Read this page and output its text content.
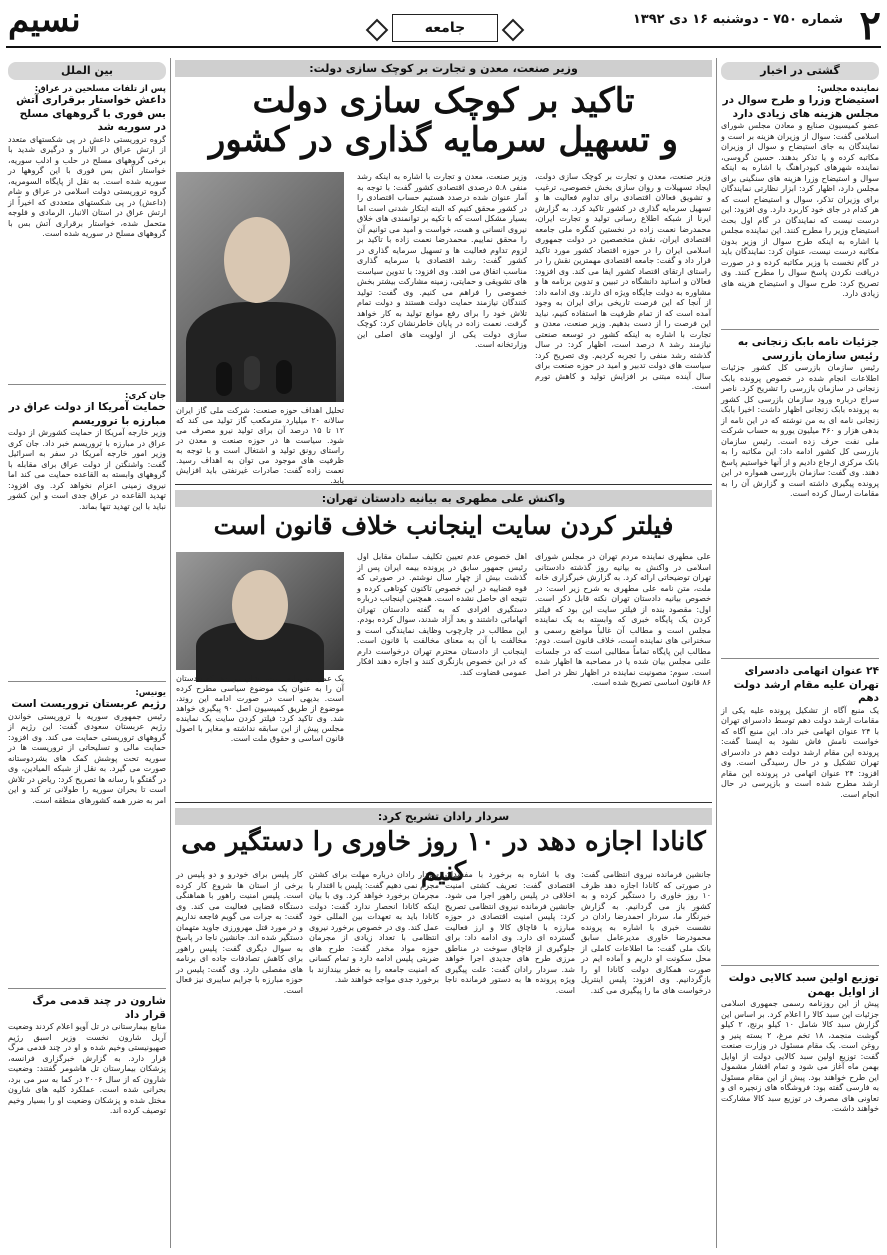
۲
شماره ۷۵۰ - دوشنبه ۱۶ دی ۱۳۹۲
جامعه
نسیم
گشتی در اخبار
نماینده مجلس:
استیضاح وزرا و طرح سوال در مجلس هزینه های زیادی دارد
عضو کمیسیون صنایع و معادن مجلس شورای اسلامی گفت: سوال از وزیران هزینه بر است و نمایندگان به جای استیضاح و سوال از وزیران مکاتبه کرده و یا تذکر بدهند. حسین گروسی، نماینده شهرهای کبودراهنگ با اشاره به اینکه سوال و استیضاح وزرا هزینه های سنگینی برای مجلس دارد، اظهار کرد: ابزار نظارتی نمایندگان برای وزیران تذکر، سوال و استیضاح است که هر کدام در جای خود کاربرد دارد. وی افزود: این درست نیست که نمایندگان در گام اول بحث استیضاح وزیر را مطرح کنند. این نماینده مجلس با اشاره به اینکه طرح سوال از وزیر بدون مکاتبه درست نیست، عنوان کرد: نمایندگان باید در گام نخست با وزیر مکاتبه کرده و در صورت دریافت نکردن پاسخ سوال را مطرح کنند. وی تصریح کرد: طرح سوال و استیضاح هزینه های زیادی دارد.
جزئیات نامه بابک زنجانی به رئیس سازمان بازرسی
رئیس سازمان بازرسی کل کشور جزئیات اطلاعات انجام شده در خصوص پرونده بابک زنجانی در سازمان بازرسی را تشریح کرد. ناصر سراج درباره ورود سازمان بازرسی کل کشور به پرونده بابک زنجانی اظهار داشت: اخیرا بابک زنجانی نامه ای به من نوشته که در این نامه از بدهی هزار و ۴۶۰ میلیون یورو به حساب شرکت ملی نفت حرف زده است. رئیس سازمان بازرسی کل کشور ادامه داد: این مکاتبه را به بانک مرکزی ارجاع دادیم و از آنها خواستیم پاسخ دهند. وی گفت: سازمان بازرسی همواره در این پرونده پیگیری داشته است و گزارش آن را به مقامات ارسال کرده است.
۲۴ عنوان اتهامی دادسرای تهران علیه مقام ارشد دولت دهم
یک منبع آگاه از تشکیل پرونده علیه یکی از مقامات ارشد دولت دهم توسط دادسرای تهران با ۲۴ عنوان اتهامی خبر داد. این منبع آگاه که خواست نامش فاش نشود به ایسنا گفت: پرونده این مقام ارشد دولت دهم در دادسرای تهران تشکیل و در حال رسیدگی است. وی افزود: ۲۴ عنوان اتهامی در پرونده این مقام ارشد مطرح شده است و بازپرسی در حال انجام است.
توزیع اولین سبد کالایی دولت از اوایل بهمن
پیش از این روزنامه رسمی جمهوری اسلامی جزئیات این سبد کالا را اعلام کرد. بر اساس این گزارش سبد کالا شامل ۱۰ کیلو برنج، ۲ کیلو گوشت منجمد، ۱۸ تخم مرغ، ۲ بسته پنیر و روغن است. یک مقام مسئول در وزارت صنعت گفت: توزیع اولین سبد کالایی دولت از اوایل بهمن ماه آغاز می شود و تمام اقشار مشمول این طرح خواهند بود. پیش از این مقام مسئول به فارسی گفته بود: فروشگاه های زنجیره ای و تعاونی های مصرف در توزیع سبد کالا مشارکت خواهند داشت.
بین الملل
پس از تلفات مسلحین در عراق:
داعش خواستار برقراری آتش بس فوری با گروههای مسلح در سوریه شد
گروه تروریستی داعش در پی شکستهای متعدد از ارتش عراق در الانبار و درگیری شدید با برخی گروههای مسلح در حلب و ادلب سوریه، خواستار آتش بس فوری با این گروهها در سوریه شده است. به نقل از پایگاه السومریه، گروه تروریستی دولت اسلامی در عراق و شام (داعش) در پی شکستهای متعددی که اخیراً از ارتش عراق در استان الانبار، الرمادی و فلوجه متحمل شده، خواستار برقراری آتش بس با گروههای مسلح در سوریه شده است.
جان کری:
حمایت آمریکا از دولت عراق در مبارزه با تروریسم
وزیر خارجه آمریکا از حمایت کشورش از دولت عراق در مبارزه با تروریسم خبر داد. جان کری وزیر امور خارجه آمریکا در سفر به اسرائیل گفت: واشنگتن از دولت عراق برای مقابله با گروههای وابسته به القاعده حمایت می کند اما نیروی زمینی اعزام نخواهد کرد. وی افزود: تهدید القاعده در عراق جدی است و این کشور نباید با این تهدید تنها بماند.
یونیس:
رژیم عربستان تروریست است
رئیس جمهوری سوریه با تروریستی خواندن رژیم عربستان سعودی گفت: این رژیم از گروههای تروریستی حمایت می کند. وی افزود: حمایت مالی و تسلیحاتی از تروریست ها در سوریه تحت پوشش کمک های بشردوستانه صورت می گیرد. به نقل از شبکه المیادین، وی در گفتگو با رسانه ها تصریح کرد: ریاض در تلاش است تا بحران سوریه را طولانی تر کند و این امر به ضرر همه کشورهای منطقه است.
شارون در چند قدمی مرگ قرار داد
منابع بیمارستانی در تل آویو اعلام کردند وضعیت آریل شارون نخست وزیر اسبق رژیم صهیونیستی وخیم شده و او در چند قدمی مرگ قرار دارد. به گزارش خبرگزاری فرانسه، پزشکان بیمارستان تل هاشومر گفتند: وضعیت شارون که از سال ۲۰۰۶ در کما به سر می برد، بحرانی شده است. عملکرد کلیه های شارون مختل شده و پزشکان وضعیت او را بسیار وخیم توصیف کرده اند.
وزیر صنعت، معدن و تجارت بر کوچک سازی دولت:
تاکید بر کوچک سازی دولت
و تسهیل سرمایه گذاری در کشور
وزیر صنعت، معدن و تجارت بر کوچک سازی دولت، ایجاد تسهیلات و روان سازی بخش خصوصی، ترغیب و تشویق فعالان اقتصادی برای تداوم فعالیت ها و تسهیل سرمایه گذاری در کشور تاکید کرد. به گزارش ایرنا از شبکه اطلاع رسانی تولید و تجارت ایران، محمدرضا نعمت زاده در نخستین کنگره ملی جامعه اقتصادی ایران، نقش متخصصین در دولت جمهوری اسلامی ایران را در حوزه اقتصاد کشور مورد تاکید قرار داد و گفت: جامعه اقتصادی مهمترین نقش را در راستای ارتقای اقتصاد کشور ایفا می کند. وی افزود: فعالان و اساتید دانشگاه در تبیین و تدوین برنامه ها و مشاوره به دولت جایگاه ویژه ای دارند. وی ادامه داد: از آنجا که این فرصت تاریخی برای ایران به وجود آمده است که از تمام ظرفیت ها استفاده کنیم، نباید این فرصت را از دست بدهیم. وزیر صنعت، معدن و تجارت با اشاره به اینکه کشور در توسعه صنعتی نیازمند رشد ۸ درصد است، اظهار کرد: در سال گذشته رشد منفی را تجربه کردیم. وی تصریح کرد: سیاست های دولت تدبیر و امید در حوزه صنعت برای سال آینده مبتنی بر افزایش تولید و کاهش تورم است.
وزیر صنعت، معدن و تجارت با اشاره به اینکه رشد منفی ۵.۸ درصدی اقتصادی کشور گفت: با توجه به آمار عنوان شده درصدد هستیم حساب اقتصادی را در کشور محقق کنیم که البته ابتکار شدنی است اما بسیار مشکل است که با تکیه بر توانمندی های خلاق نیروی انسانی و همت، خواست و امید می توانیم آن را محقق نماییم. محمدرضا نعمت زاده با تاکید بر لزوم تداوم فعالیت ها و تسهیل سرمایه گذاری در کشور گفت: رشد اقتصادی با سرمایه گذاری مناسب اتفاق می افتد. وی افزود: با تدوین سیاست های تشویقی و حمایتی، زمینه مشارکت بیشتر بخش خصوصی را فراهم می کنیم. وی گفت: تولید کنندگان نیازمند حمایت دولت هستند و دولت تمام تلاش خود را برای رفع موانع تولید به کار خواهد گرفت. نعمت زاده در پایان خاطرنشان کرد: کوچک سازی دولت یکی از اولویت های اصلی این وزارتخانه است.
تحلیل اهداف حوزه صنعت: شرکت ملی گاز ایران سالانه ۲۰ میلیارد مترمکعب گاز تولید می کند که ۱۲ تا ۱۵ درصد آن برای تولید نیرو مصرف می شود. سیاست ها در حوزه صنعت و معدن در راستای رونق تولید و اشتغال است و با توجه به ظرفیت های موجود می توان به اهداف رسید. نعمت زاده گفت: صادرات غیرنفتی باید افزایش یابد.
واکنش علی مطهری به بیانیه دادستان تهران:
فیلتر کردن سایت اینجانب خلاف قانون است
علی مطهری نماینده مردم تهران در مجلس شورای اسلامی در واکنش به بیانیه روز گذشته دادستانی تهران توضیحاتی ارائه کرد. به گزارش خبرگزاری خانه ملت، متن نامه علی مطهری به شرح زیر است: در خصوص بیانیه دادستان تهران نکته قابل ذکر است. اول: مقصود بنده از فیلتر سایت این بود که فیلتر کردن یک پایگاه خبری که وابسته به یک نماینده مجلس است و مطالب آن غالباً مواضع رسمی و سخنرانی های نماینده است، خلاف قانون است. دوم: مطالب این پایگاه تماماً مطالبی است که در جلسات علنی مجلس بیان شده یا در مصاحبه ها اظهار شده است. سوم: مصونیت نماینده در اظهار نظر در اصل ۸۶ قانون اساسی تصریح شده است.
اهل خصوص عدم تعیین تکلیف سلمان مقابل اول رئیس جمهور سابق در پرونده بیمه ایران پس از گذشت بیش از چهار سال نوشتم. در صورتی که قوه قضاییه در این خصوص تاکنون کوتاهی کرده و نتیجه ای حاصل نشده است. همچنین اینجانب درباره دستگیری افرادی که به گفته دادستان تهران اتهاماتی داشتند و بعد آزاد شدند، سوال کرده بودم. این مطالب در چارچوب وظایف نمایندگی است و مخالفت با آن به معنای مخالفت با قانون است. اینجانب از دادستان محترم تهران درخواست دارم که در این خصوص بازنگری کنند و اجازه دهند افکار عمومی قضاوت کند.
یک عمل مجرمانه است، نشان می دهد که دادستان آن را به عنوان یک موضوع سیاسی مطرح کرده است. بدیهی است در صورت ادامه این روند، موضوع از طریق کمیسیون اصل ۹۰ پیگیری خواهد شد. وی تاکید کرد: فیلتر کردن سایت یک نماینده مجلس پیش از این سابقه نداشته و مغایر با اصول قانون اساسی و حقوق ملت است.
سردار رادان تشریح کرد:
کانادا اجازه دهد در ۱۰ روز خاوری را دستگیر می کنیم	جانشین فرمانده نیروی انتظامی گفت: در صورتی که کانادا اجازه دهد ظرف ۱۰ روز خاوری را دستگیر کرده و به کشور باز می گردانیم. به گزارش خبرنگار ما، سردار احمدرضا رادان در نشست خبری با اشاره به پرونده محمودرضا خاوری مدیرعامل سابق بانک ملی گفت: ما اطلاعات کاملی از محل سکونت او داریم و آماده ایم در صورت همکاری دولت کانادا او را بازگردانیم. وی افزود: پلیس اینترپل درخواست های ما را پیگیری می کند.
وی با اشاره به برخورد با مفسدان اقتصادی گفت: تعریف کشتی امنیت اخلاقی در پلیس راهور اجرا می شود. جانشین فرمانده نیروی انتظامی تصریح کرد: پلیس امنیت اقتصادی در حوزه مبارزه با قاچاق کالا و ارز فعالیت گسترده ای دارد. وی ادامه داد: برای جلوگیری از قاچاق سوخت در مناطق مرزی طرح های جدیدی اجرا خواهد شد. سردار رادان گفت: علت پیگیری ویژه پرونده ها به دستور فرمانده ناجا است.
سردار رادان درباره مهلت برای کشتن مجرم نمی دهیم گفت: پلیس با اقتدار با مجرمان برخورد خواهد کرد. وی با بیان اینکه کانادا انحصار ندارد گفت: دولت کانادا باید به تعهدات بین المللی خود عمل کند. وی در خصوص برخورد نیروی انتظامی با تعداد زیادی از مجرمان حوزه مواد مخدر گفت: طرح های ضربتی پلیس ادامه دارد و تمام کسانی که امنیت جامعه را به خطر بیندازند با برخورد جدی مواجه خواهند شد.
کار پلیس برای خودرو و دو پلیس در برخی از استان ها شروع کار کرده است. پلیس امنیت راهور با هماهنگی دستگاه قضایی فعالیت می کند. وی گفت: به جرات می گویم فاجعه نداریم و در مورد قتل مهرورزی جاوید متهمان دستگیر شده اند. جانشین ناجا در پاسخ به سوال دیگری گفت: پلیس راهور برای کاهش تصادفات جاده ای برنامه های مفصلی دارد. وی گفت: پلیس در حوزه مبارزه با جرایم سایبری نیز فعال است.
